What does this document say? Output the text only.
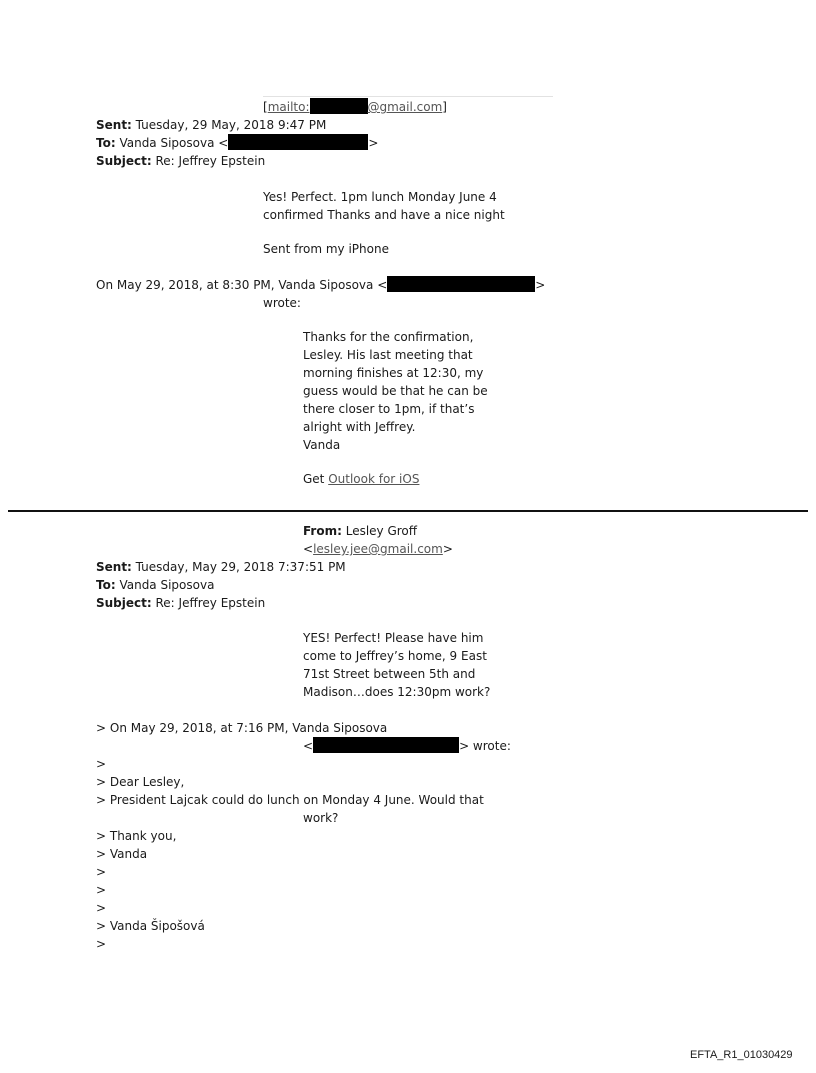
[mailto:	@gmail.com]
Sent: Tuesday, 29 May, 2018 9:47 PM
To: Vanda Siposova <	>
Subject: Re: Jeffrey Epstein
Yes! Perfect. 1pm lunch Monday June 4
confirmed Thanks and have a nice night
Sent from my iPhone
On May 29, 2018, at 8:30 PM, Vanda Siposova <	>
wrote:
Thanks for the confirmation,
Lesley. His last meeting that
morning finishes at 12:30, my
guess would be that he can be
there closer to 1pm, if that’s
alright with Jeffrey.
Vanda
Get Outlook for iOS
From: Lesley Groff
<lesley.jee@gmail.com>
Sent: Tuesday, May 29, 2018 7:37:51 PM
To: Vanda Siposova
Subject: Re: Jeffrey Epstein
YES! Perfect! Please have him
come to Jeffrey’s home, 9 East
71st Street between 5th and
Madison…does 12:30pm work?
> On May 29, 2018, at 7:16 PM, Vanda Siposova
<	> wrote:
>
> Dear Lesley,
> President Lajcak could do lunch on Monday 4 June. Would that
work?
> Thank you,
> Vanda
>
>
>
> Vanda Šipošová
>
EFTA_R1_01030429
